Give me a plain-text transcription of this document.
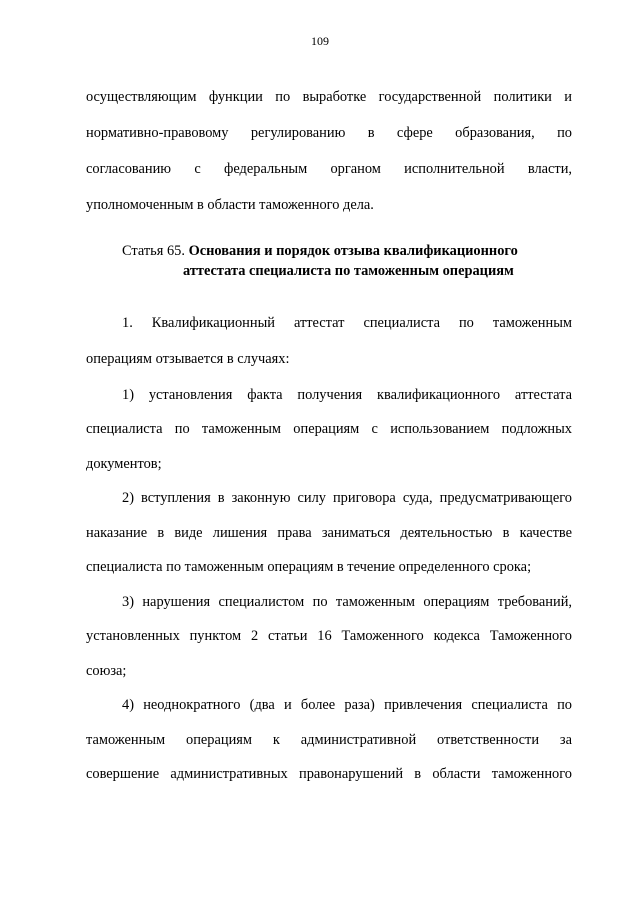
109
осуществляющим функции по выработке государственной политики и
нормативно-правовому регулированию в сфере образования, по
согласованию с федеральным органом исполнительной власти,
уполномоченным в области таможенного дела.
Статья 65. Основания и порядок отзыва квалификационного
аттестата специалиста по таможенным операциям
1. Квалификационный аттестат специалиста по таможенным
операциям отзывается в случаях:
1) установления факта получения квалификационного аттестата
специалиста по таможенным операциям с использованием подложных
документов;
2) вступления в законную силу приговора суда, предусматривающего
наказание в виде лишения права заниматься деятельностью в качестве
специалиста по таможенным операциям в течение определенного срока;
3) нарушения специалистом по таможенным операциям требований,
установленных пунктом 2 статьи 16 Таможенного кодекса Таможенного
союза;
4) неоднократного (два и более раза) привлечения специалиста по
таможенным операциям к административной ответственности за
совершение административных правонарушений в области таможенного
